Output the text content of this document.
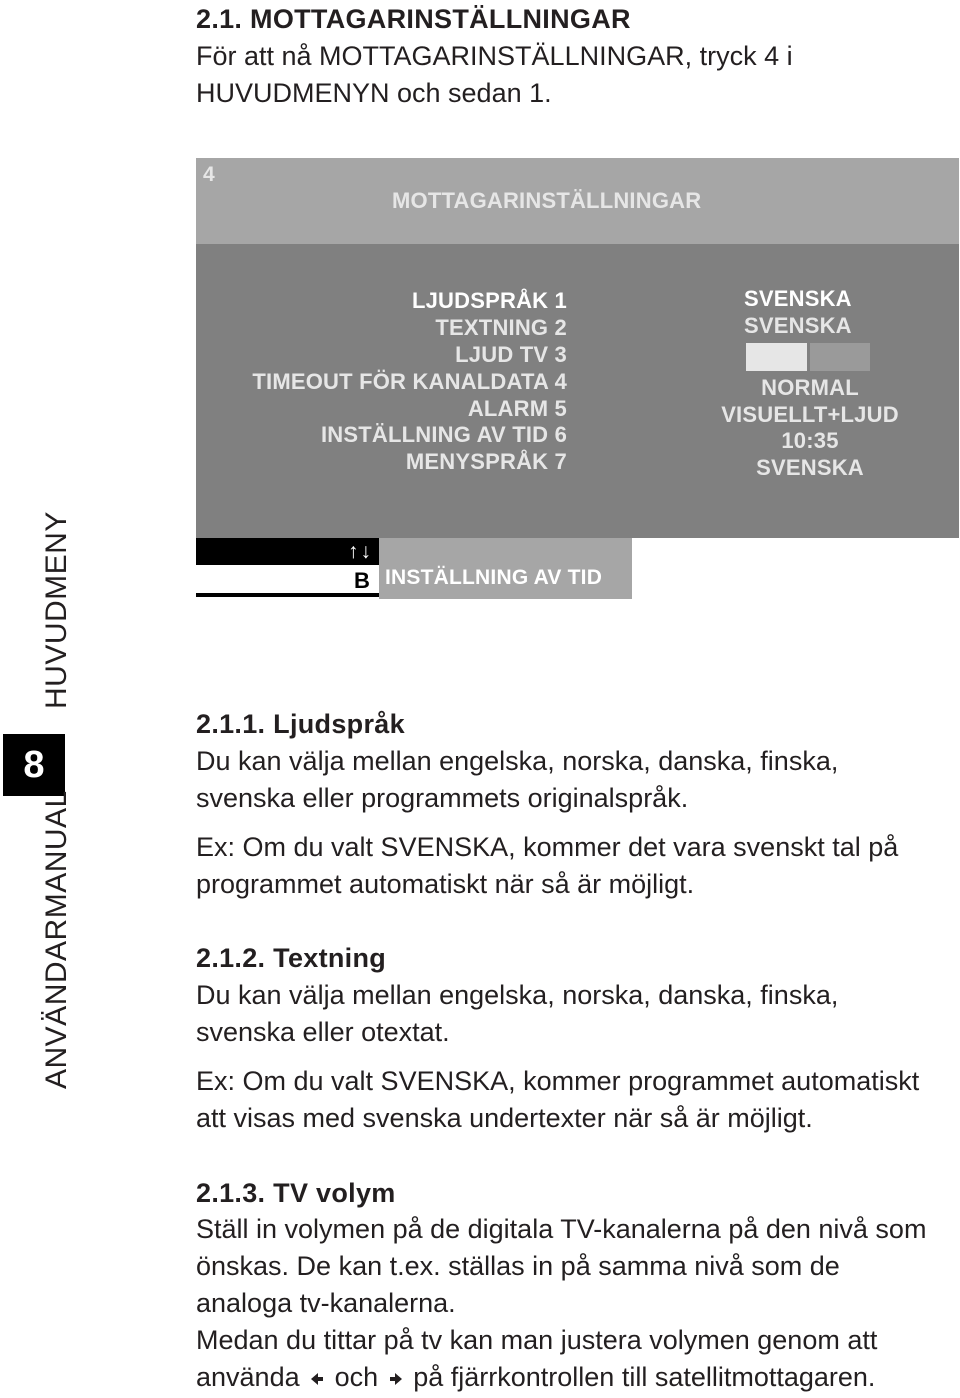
HUVUDMENY
8
ANVÄNDARMANUAL
2.1. MOTTAGARINSTÄLLNINGAR
För att nå MOTTAGARINSTÄLLNINGAR, tryck 4 i
HUVUDMENYN och sedan 1.
4
MOTTAGARINSTÄLLNINGAR
LJUDSPRÅK 1
TEXTNING 2
LJUD TV 3
TIMEOUT FÖR KANALDATA 4
ALARM 5
INSTÄLLNING AV TID 6
MENYSPRÅK 7
SVENSKA
SVENSKA
NORMAL
VISUELLT+LJUD
10:35
SVENSKA
↑↓
B INSTÄLLNING AV TID
2.1.1. Ljudspråk
Du kan välja mellan engelska, norska, danska, finska,
svenska eller programmets originalspråk.
Ex: Om du valt SVENSKA, kommer det vara svenskt tal på
programmet automatiskt när så är möjligt.
2.1.2. Textning
Du kan välja mellan engelska, norska, danska, finska,
svenska eller otextat.
Ex: Om du valt SVENSKA, kommer programmet automatiskt
att visas med svenska undertexter när så är möjligt.
2.1.3. TV volym
Ställ in volymen på de digitala TV-kanalerna på den nivå som
önskas. De kan t.ex. ställas in på samma nivå som de
analoga tv-kanalerna.
Medan du tittar på tv kan man justera volymen genom att
använda och på fjärrkontrollen till satellitmottagaren.
